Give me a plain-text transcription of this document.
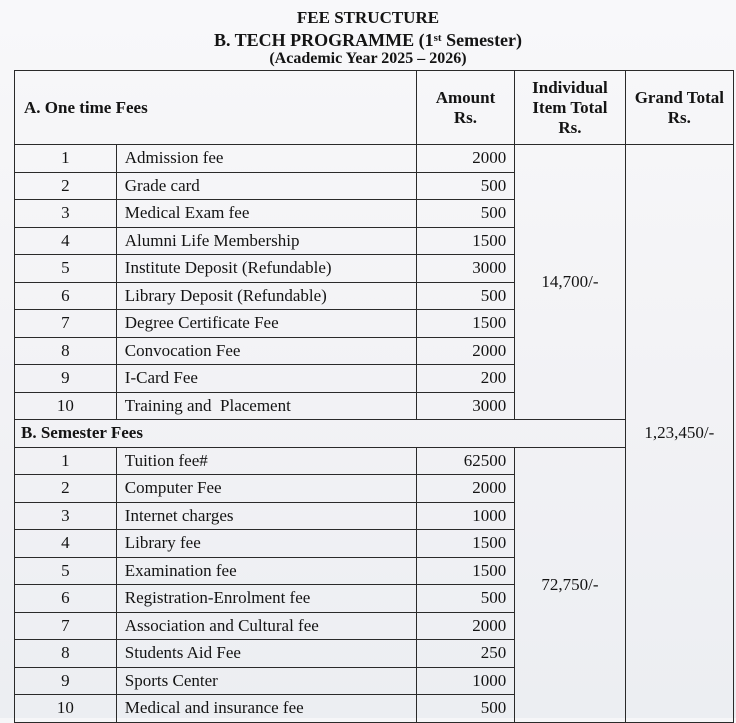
FEE STRUCTURE
B. TECH PROGRAMME (1st Semester)
(Academic Year 2025 – 2026)
A. One time Fees		Amount Rs.	Individual Item Total Rs.	Grand Total Rs.
1	Admission fee	2000	14,700/-	1,23,450/-
2	Grade card	500		
3	Medical Exam fee	500		
4	Alumni Life Membership	1500		
5	Institute Deposit (Refundable)	3000		
6	Library Deposit (Refundable)	500		
7	Degree Certificate Fee	1500		
8	Convocation Fee	2000		
9	I-Card Fee	200		
10	Training and  Placement	3000		
B. Semester Fees				
1	Tuition fee#	62500	72,750/-	
2	Computer Fee	2000		
3	Internet charges	1000		
4	Library fee	1500		
5	Examination fee	1500		
6	Registration-Enrolment fee	500		
7	Association and Cultural fee	2000		
8	Students Aid Fee	250		
9	Sports Center	1000		
10	Medical and insurance fee	500		
